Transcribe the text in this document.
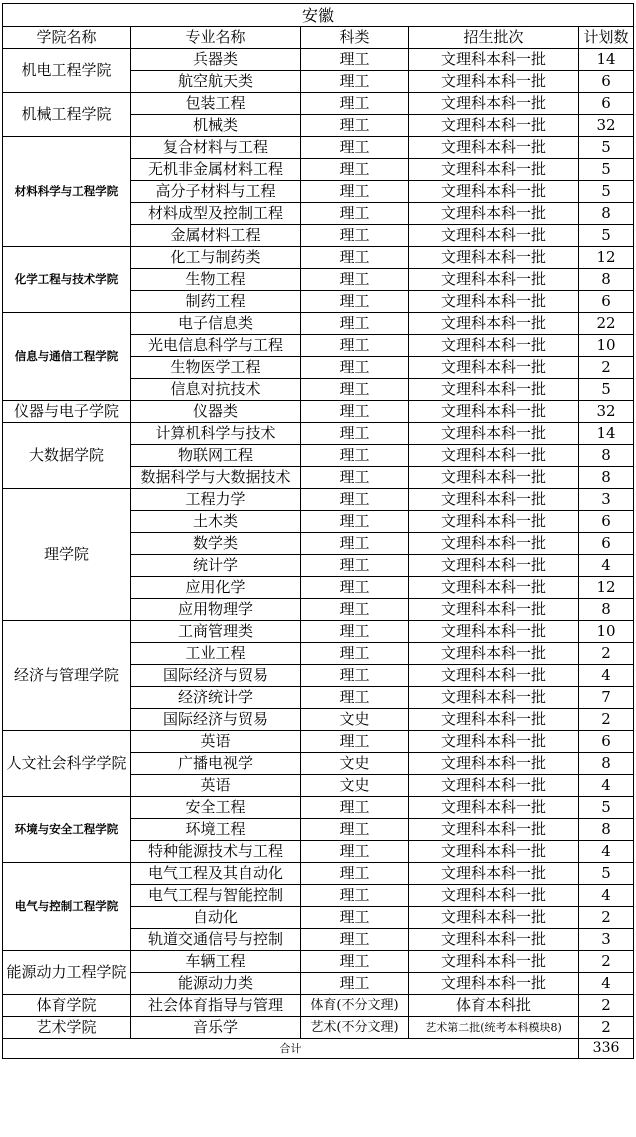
安徽				
学院名称	专业名称	科类	招生批次	计划数
机电工程学院	兵器类	理工	文理科本科一批	14
	航空航天类	理工	文理科本科一批	6
机械工程学院	包装工程	理工	文理科本科一批	6
	机械类	理工	文理科本科一批	32
材料科学与工程学院	复合材料与工程	理工	文理科本科一批	5
	无机非金属材料工程	理工	文理科本科一批	5
	高分子材料与工程	理工	文理科本科一批	5
	材料成型及控制工程	理工	文理科本科一批	8
	金属材料工程	理工	文理科本科一批	5
化学工程与技术学院	化工与制药类	理工	文理科本科一批	12
	生物工程	理工	文理科本科一批	8
	制药工程	理工	文理科本科一批	6
信息与通信工程学院	电子信息类	理工	文理科本科一批	22
	光电信息科学与工程	理工	文理科本科一批	10
	生物医学工程	理工	文理科本科一批	2
	信息对抗技术	理工	文理科本科一批	5
仪器与电子学院	仪器类	理工	文理科本科一批	32
大数据学院	计算机科学与技术	理工	文理科本科一批	14
	物联网工程	理工	文理科本科一批	8
	数据科学与大数据技术	理工	文理科本科一批	8
理学院	工程力学	理工	文理科本科一批	3
	土木类	理工	文理科本科一批	6
	数学类	理工	文理科本科一批	6
	统计学	理工	文理科本科一批	4
	应用化学	理工	文理科本科一批	12
	应用物理学	理工	文理科本科一批	8
经济与管理学院	工商管理类	理工	文理科本科一批	10
	工业工程	理工	文理科本科一批	2
	国际经济与贸易	理工	文理科本科一批	4
	经济统计学	理工	文理科本科一批	7
	国际经济与贸易	文史	文理科本科一批	2
人文社会科学学院	英语	理工	文理科本科一批	6
	广播电视学	文史	文理科本科一批	8
	英语	文史	文理科本科一批	4
环境与安全工程学院	安全工程	理工	文理科本科一批	5
	环境工程	理工	文理科本科一批	8
	特种能源技术与工程	理工	文理科本科一批	4
电气与控制工程学院	电气工程及其自动化	理工	文理科本科一批	5
	电气工程与智能控制	理工	文理科本科一批	4
	自动化	理工	文理科本科一批	2
	轨道交通信号与控制	理工	文理科本科一批	3
能源动力工程学院	车辆工程	理工	文理科本科一批	2
	能源动力类	理工	文理科本科一批	4
体育学院	社会体育指导与管理	体育(不分文理)	体育本科批	2
艺术学院	音乐学	艺术(不分文理)	艺术第二批(统考本科模块8)	2
合计				336
